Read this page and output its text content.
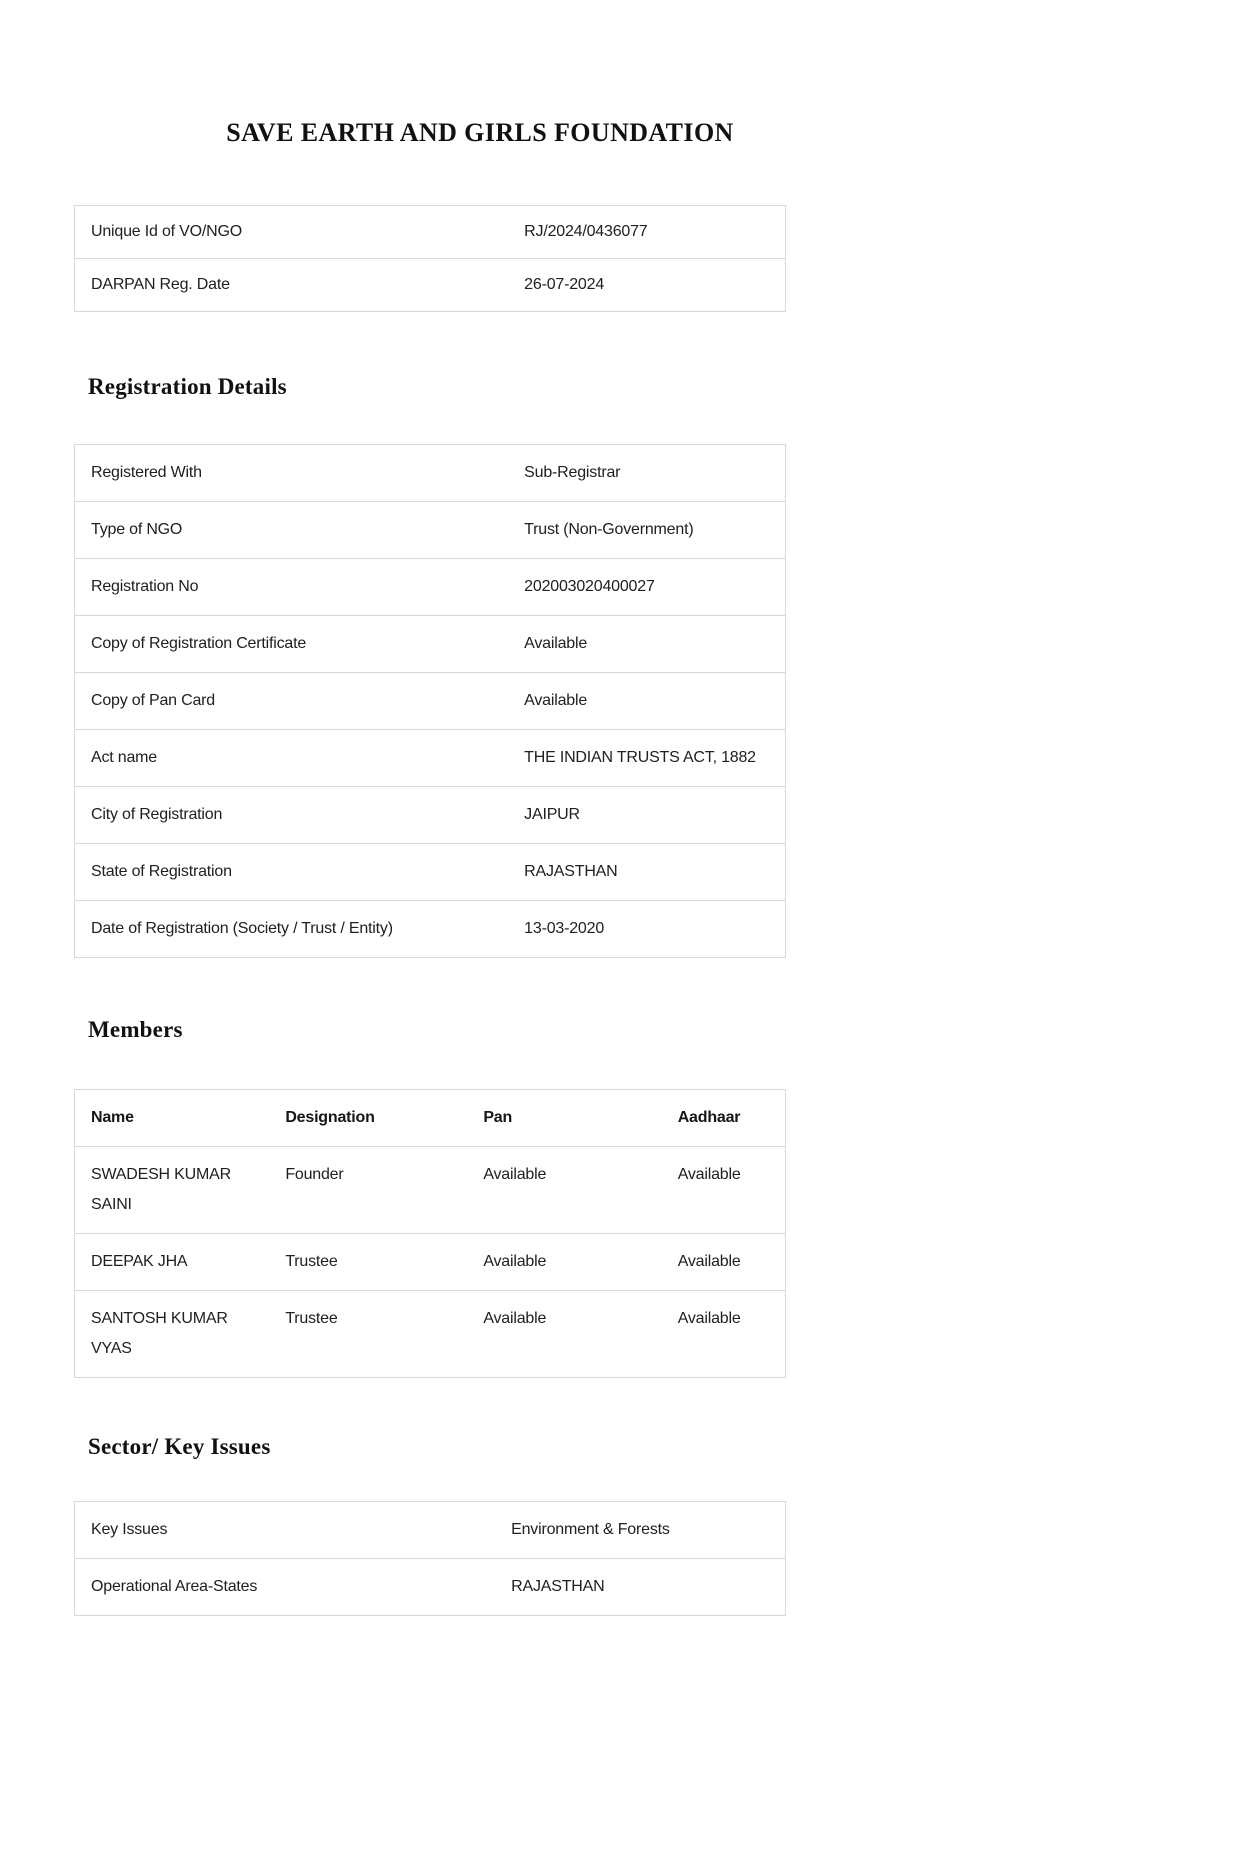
SAVE EARTH AND GIRLS FOUNDATION
Unique Id of VO/NGO	RJ/2024/0436077

DARPAN Reg. Date	26-07-2024
Registration Details
Registered With	Sub-Registrar

Type of NGO	Trust (Non-Government)

Registration No	202003020400027

Copy of Registration Certificate	Available

Copy of Pan Card	Available

Act name	THE INDIAN TRUSTS ACT, 1882

City of Registration	JAIPUR

State of Registration	RAJASTHAN

Date of Registration (Society / Trust / Entity)	13-03-2020
Members
Name	Designation	Pan	Aadhaar
SWADESH KUMAR SAINI	Founder	Available	Available
DEEPAK JHA	Trustee	Available	Available
SANTOSH KUMAR VYAS	Trustee	Available	Available
Sector/ Key Issues
Key Issues	Environment & Forests

Operational Area-States	RAJASTHAN
